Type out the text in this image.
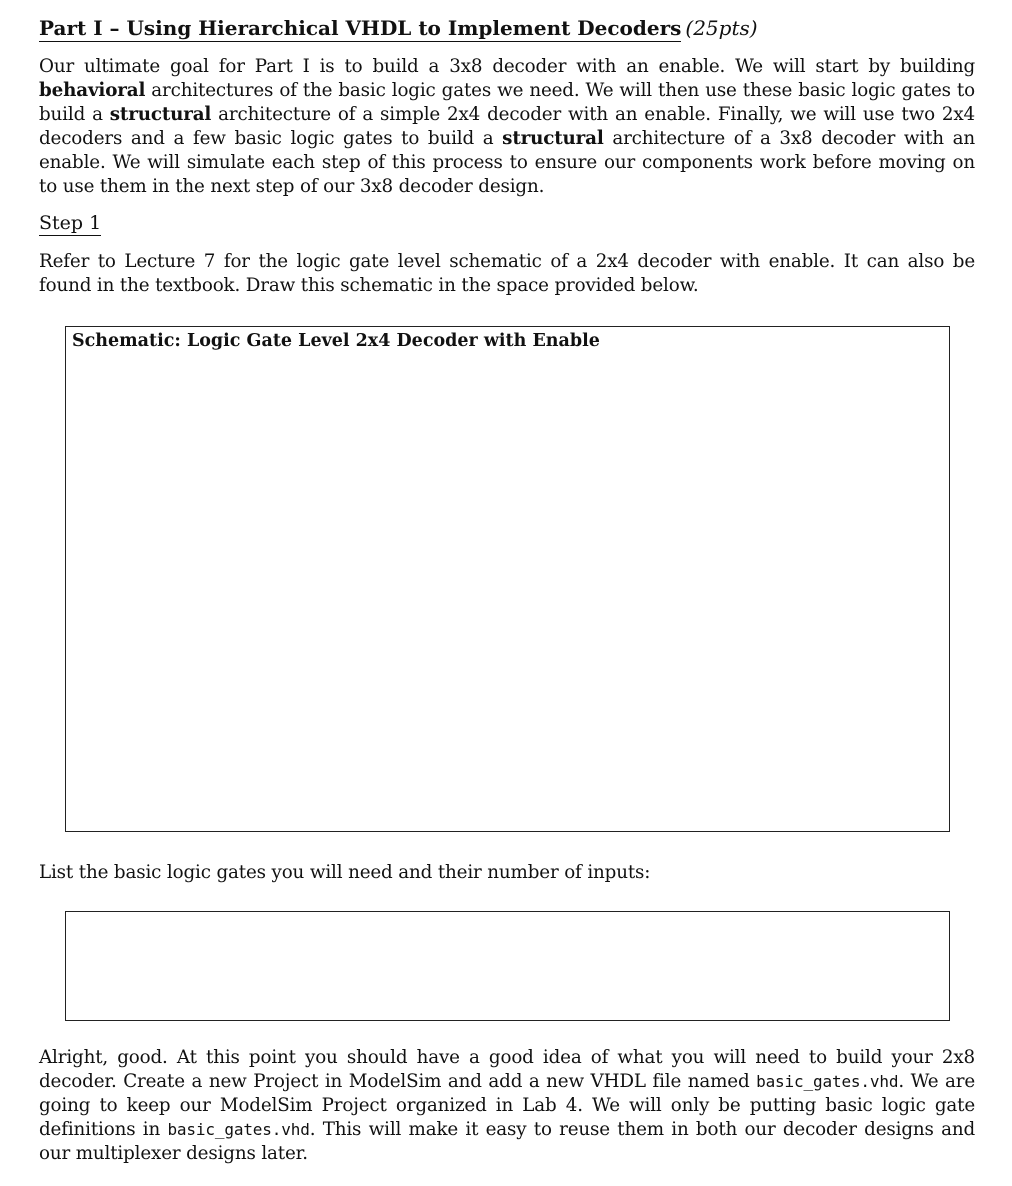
Part I – Using Hierarchical VHDL to Implement Decoders (25pts)

Our ultimate goal for Part I is to build a 3x8 decoder with an enable. We will start by building behavioral architectures of the basic logic gates we need. We will then use these basic logic gates to build a structural architecture of a simple 2x4 decoder with an enable. Finally, we will use two 2x4 decoders and a few basic logic gates to build a structural architecture of a 3x8 decoder with an enable. We will simulate each step of this process to ensure our components work before moving on to use them in the next step of our 3x8 decoder design.

Step 1

Refer to Lecture 7 for the logic gate level schematic of a 2x4 decoder with enable. It can also be found in the textbook. Draw this schematic in the space provided below.

Schematic: Logic Gate Level 2x4 Decoder with Enable

List the basic logic gates you will need and their number of inputs:

Alright, good. At this point you should have a good idea of what you will need to build your 2x8 decoder. Create a new Project in ModelSim and add a new VHDL file named basic_gates.vhd. We are going to keep our ModelSim Project organized in Lab 4. We will only be putting basic logic gate definitions in basic_gates.vhd. This will make it easy to reuse them in both our decoder designs and our multiplexer designs later.
